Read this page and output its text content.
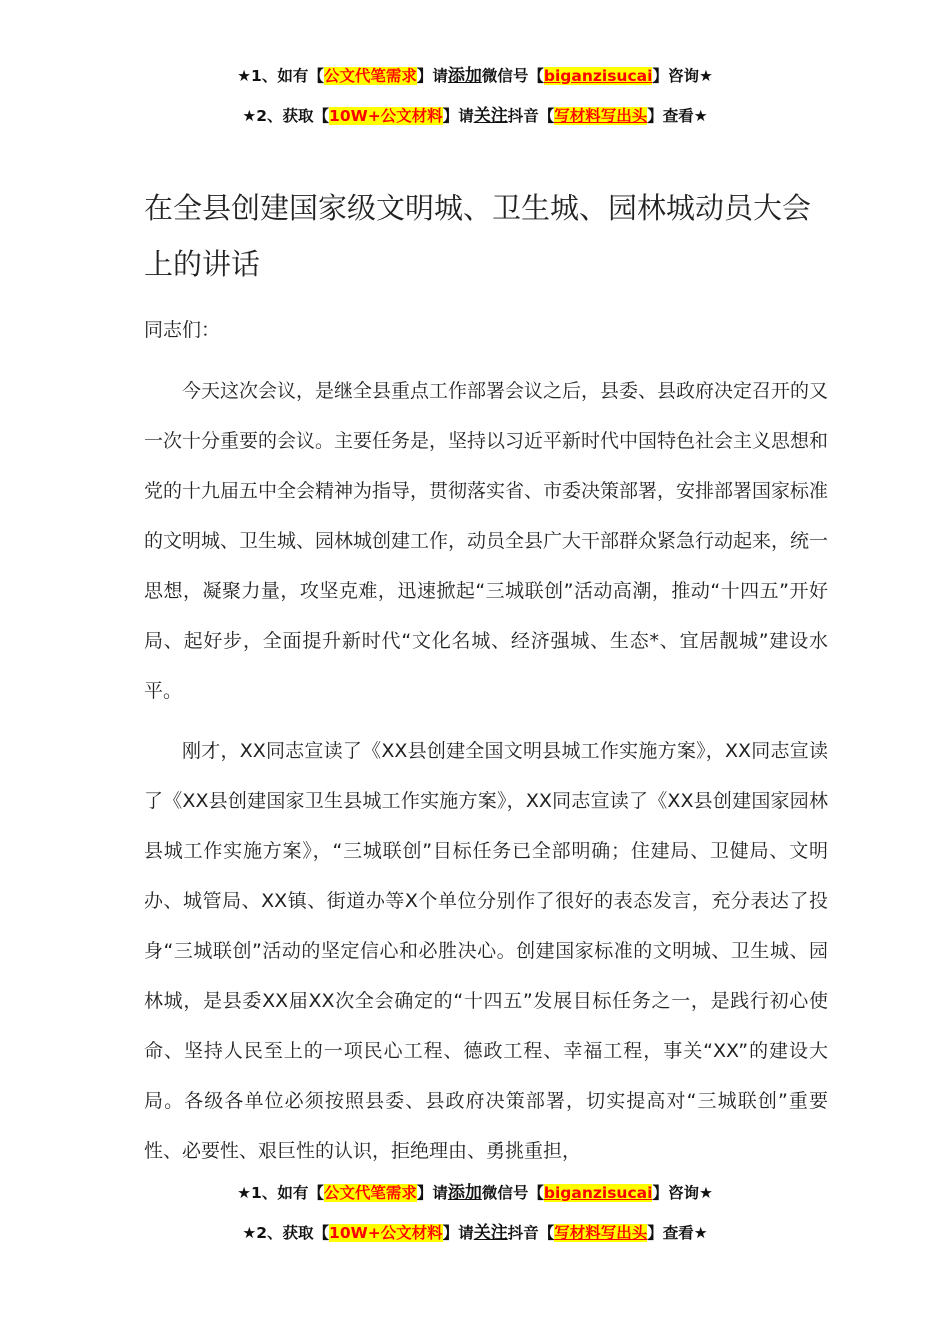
★1、如有【公文代笔需求】请添加微信号【biganzisucai】咨询★
★2、获取【10W+公文材料】请关注抖音【写材料写出头】查看★
在全县创建国家级文明城、卫生城、园林城动员大会上的讲话

同志们：

今天这次会议，是继全县重点工作部署会议之后，县委、县政府决定召开的又一次十分重要的会议。主要任务是，坚持以习近平新时代中国特色社会主义思想和党的十九届五中全会精神为指导，贯彻落实省、市委决策部署，安排部署国家标准的文明城、卫生城、园林城创建工作，动员全县广大干部群众紧急行动起来，统一思想，凝聚力量，攻坚克难，迅速掀起“三城联创”活动高潮，推动“十四五”开好局、起好步，全面提升新时代“文化名城、经济强城、生态*、宜居靓城”建设水平。

刚才，XX同志宣读了《XX县创建全国文明县城工作实施方案》，XX同志宣读了《XX县创建国家卫生县城工作实施方案》，XX同志宣读了《XX县创建国家园林县城工作实施方案》，“三城联创”目标任务已全部明确；住建局、卫健局、文明办、城管局、XX镇、街道办等X个单位分别作了很好的表态发言，充分表达了投身“三城联创”活动的坚定信心和必胜决心。创建国家标准的文明城、卫生城、园林城，是县委XX届XX次全会确定的“十四五”发展目标任务之一，是践行初心使命、坚持人民至上的一项民心工程、德政工程、幸福工程，事关“XX”的建设大局。各级各单位必须按照县委、县政府决策部署，切实提高对“三城联创”重要性、必要性、艰巨性的认识，拒绝理由、勇挑重担，

★1、如有【公文代笔需求】请添加微信号【biganzisucai】咨询★
★2、获取【10W+公文材料】请关注抖音【写材料写出头】查看★
